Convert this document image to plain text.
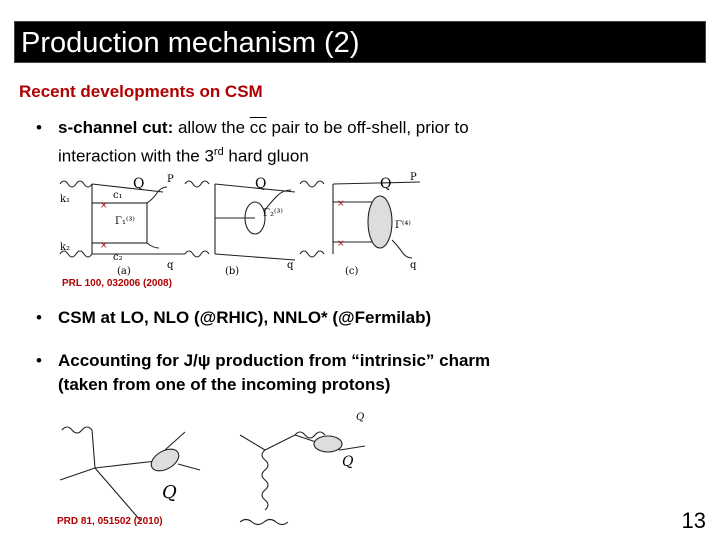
Production mechanism (2)
Recent developments on CSM
• s-channel cut: allow the $\overline{cc}$ pair to be off-shell, prior to
interaction with the 3rd hard gluon
×
×
×
×
k₁
k₂
c₁
c₂
Γ₁⁽³⁾
Q P
q
(a)
Q
Γ₂⁽³⁾
(b)
q
Q P
Γ⁽⁴⁾
(c)
q
PRL 100, 032006 (2008)
• CSM at LO, NLO (@RHIC), NNLO* (@Fermilab)
• Accounting for J/ψ production from “intrinsic” charm
(taken from one of the incoming protons)
Q
Q
Q
PRD 81, 051502 (2010)	13
